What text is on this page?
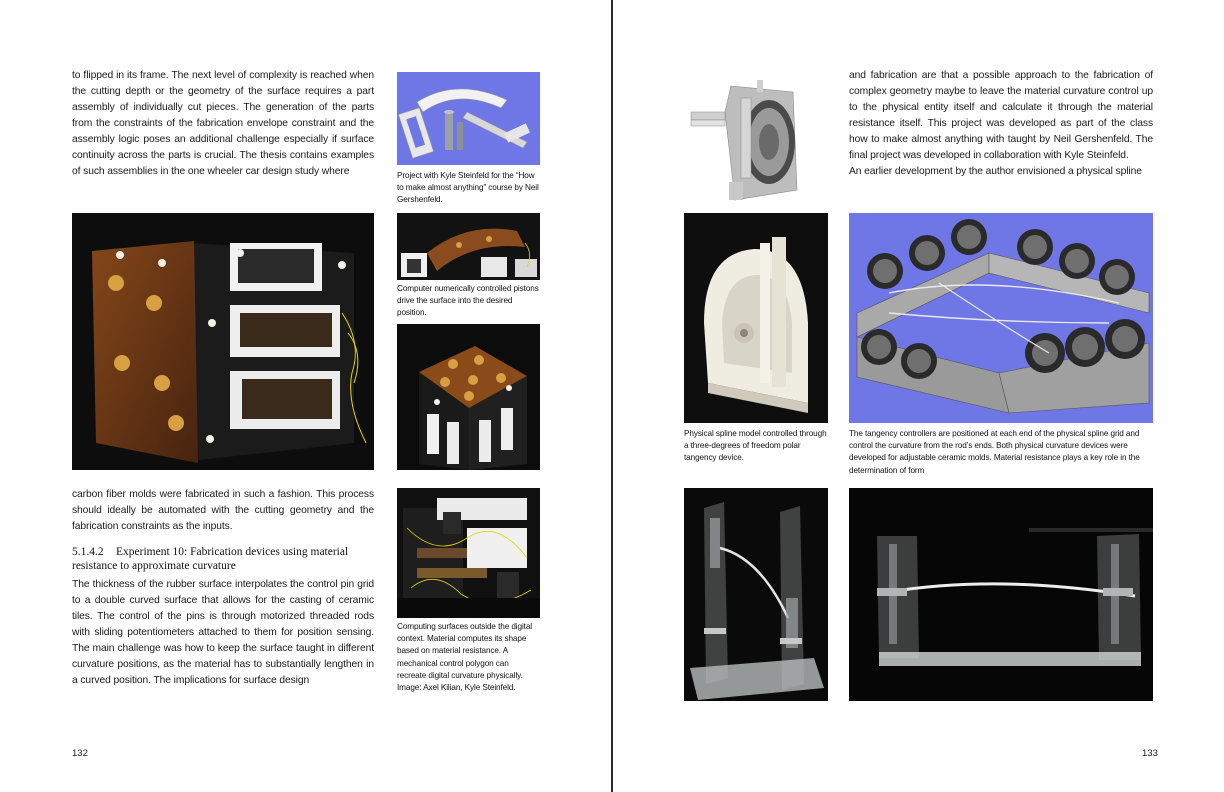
to flipped in its frame. The next level of complexity is reached when the cutting depth or the geometry of the surface requires a part assembly of individually cut pieces. The generation of the parts from the constraints of the fabrication envelope constraint and the assembly logic poses an additional challenge especially if surface continuity across the parts is crucial. The thesis contains examples of such assemblies in the one wheeler car design study where	Project with Kyle Steinfeld for the “How to make almost anything” course by Neil Gershenfeld.

Computer numerically controlled pistons drive the surface into the desired position.

carbon fiber molds were fabricated in such a fashion. This process should ideally be automated with the cutting geometry and the fabrication constraints as the inputs.

5.1.4.2 Experiment 10: Fabrication devices using material resistance to approximate curvature

The thickness of the rubber surface interpolates the control pin grid to a double curved surface that allows for the casting of ceramic tiles. The control of the pins is through motorized threaded rods with sliding potentiometers attached to them for position sensing. The main challenge was how to keep the surface taught in different curvature positions, as the material has to substantially lengthen in a curved position. The implications for surface design

Computing surfaces outside the digital context. Material computes its shape based on material resistance. A mechanical control polygon can recreate digital curvature physically. Image: Axel Kilian, Kyle Steinfeld.

132

and fabrication are that a possible approach to the fabrication of complex geometry maybe to leave the material curvature control up to the physical entity itself and calculate it through the material resistance itself. This project was developed as part of the class how to make almost anything with taught by Neil Gershenfeld. The final project was developed in collaboration with Kyle Steinfeld.

An earlier development by the author envisioned a physical spline

Physical spline model controlled through a three-degrees of freedom polar tangency device.

The tangency controllers are positioned at each end of the physical spline grid and control the curvature from the rod’s ends. Both physical curvature devices were developed for adjustable ceramic molds. Material resistance plays a key role in the determination of form

133
